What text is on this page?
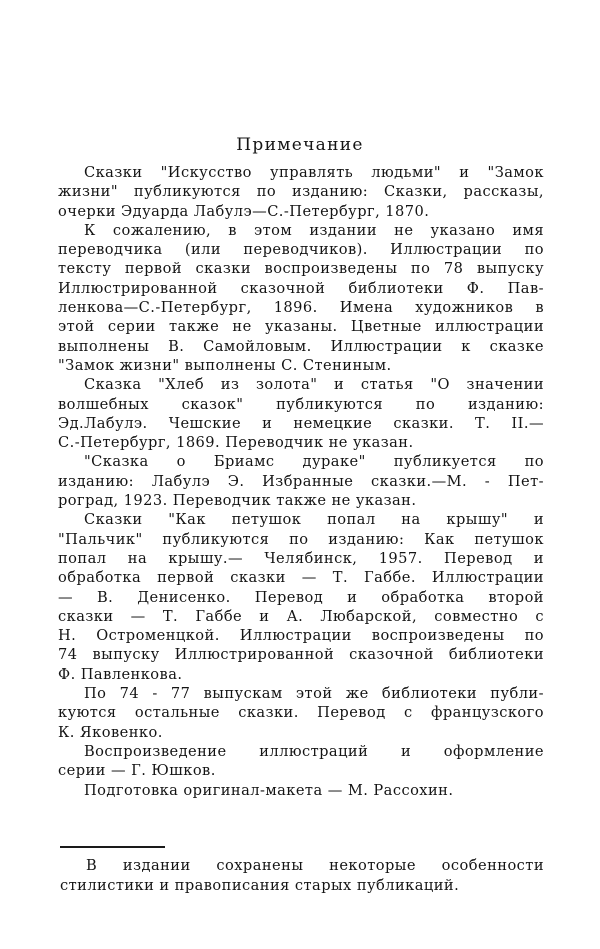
Примечание
Сказки "Искусство управлять людьми" и "Замок
жизни" публикуются по изданию: Сказки, рассказы,
очерки Эдуарда Лабулэ—С.-Петербург, 1870.
К сожалению, в этом издании не указано имя
переводчика (или переводчиков). Иллюстрации по
тексту первой сказки воспроизведены по 78 выпуску
Иллюстрированной сказочной библиотеки Ф. Пав-
ленкова—С.-Петербург, 1896. Имена художников в
этой серии также не указаны. Цветные иллюстрации
выполнены В. Самойловым. Иллюстрации к сказке
"Замок жизни" выполнены С. Стениным.
Сказка "Хлеб из золота" и статья "О значении
волшебных сказок" публикуются по изданию:
Эд.Лабулэ. Чешские и немецкие сказки. Т. II.—
С.-Петербург, 1869. Переводчик не указан.
"Сказка о Бриамс дураке" публикуется по
изданию: Лабулэ Э. Избранные сказки.—М. - Пет-
роград, 1923. Переводчик также не указан.
Сказки "Как петушок попал на крышу" и
"Пальчик" публикуются по изданию: Как петушок
попал на крышу.— Челябинск, 1957. Перевод и
обработка первой сказки — Т. Габбе. Иллюстрации
— В. Денисенко. Перевод и обработка второй
сказки — Т. Габбе и А. Любарской, совместно с
Н. Остроменцкой. Иллюстрации воспроизведены по
74 выпуску Иллюстрированной сказочной библиотеки
Ф. Павленкова.
По 74 - 77 выпускам этой же библиотеки публи-
куются остальные сказки. Перевод с французского
К. Яковенко.
Воспроизведение иллюстраций и оформление
серии — Г. Юшков.
Подготовка оригинал-макета — М. Рассохин.
В издании сохранены некоторые особенности
стилистики и правописания старых публикаций.
